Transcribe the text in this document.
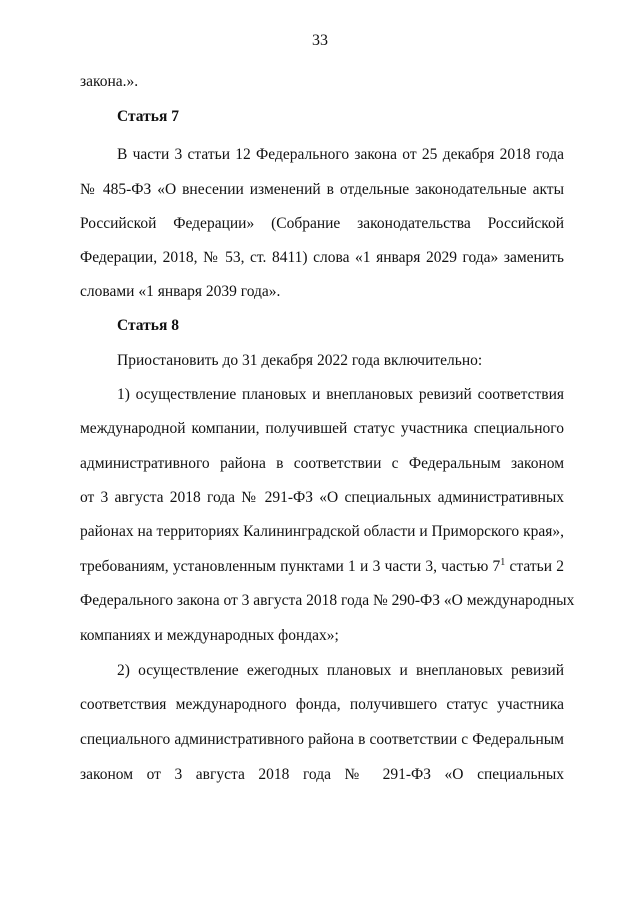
33
закона.».
Статья 7
В части 3 статьи 12 Федерального закона от 25 декабря 2018 года
№ 485-ФЗ «О внесении изменений в отдельные законодательные акты
Российской Федерации» (Собрание законодательства Российской
Федерации, 2018, № 53, ст. 8411) слова «1 января 2029 года» заменить
словами «1 января 2039 года».
Статья 8
Приостановить до 31 декабря 2022 года включительно:
1) осуществление плановых и внеплановых ревизий соответствия
международной компании, получившей статус участника специального
административного района в соответствии с Федеральным законом
от 3 августа 2018 года № 291-ФЗ «О специальных административных
районах на территориях Калининградской области и Приморского края»,
требованиям, установленным пунктами 1 и 3 части 3, частью $7^1$ статьи 2
Федерального закона от 3 августа 2018 года № 290-ФЗ «О международных
компаниях и международных фондах»;
2) осуществление ежегодных плановых и внеплановых ревизий
соответствия международного фонда, получившего статус участника
специального административного района в соответствии с Федеральным
законом от 3 августа 2018 года № 291-ФЗ «О специальных
